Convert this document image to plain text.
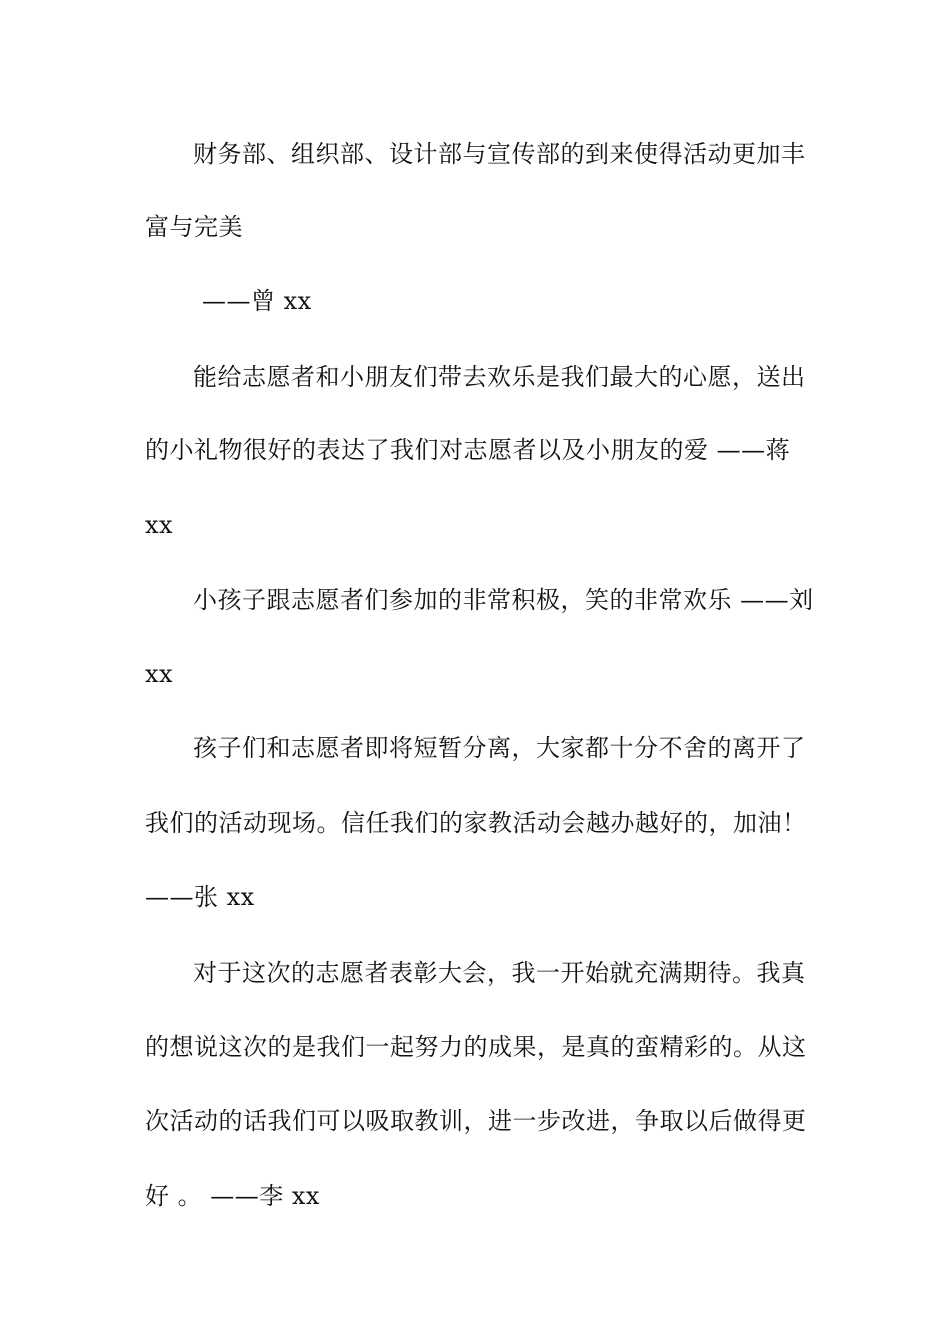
财务部、组织部、设计部与宣传部的到来使得活动更加丰
富与完美
——曾 xx
能给志愿者和小朋友们带去欢乐是我们最大的心愿，送出
的小礼物很好的表达了我们对志愿者以及小朋友的爱 ——蒋
xx
小孩子跟志愿者们参加的非常积极，笑的非常欢乐 ——刘
xx
孩子们和志愿者即将短暂分离，大家都十分不舍的离开了
我们的活动现场。信任我们的家教活动会越办越好的，加油！
——张 xx
对于这次的志愿者表彰大会，我一开始就充满期待。我真
的想说这次的是我们一起努力的成果，是真的蛮精彩的。从这
次活动的话我们可以吸取教训，进一步改进，争取以后做得更
好 。 ——李 xx
